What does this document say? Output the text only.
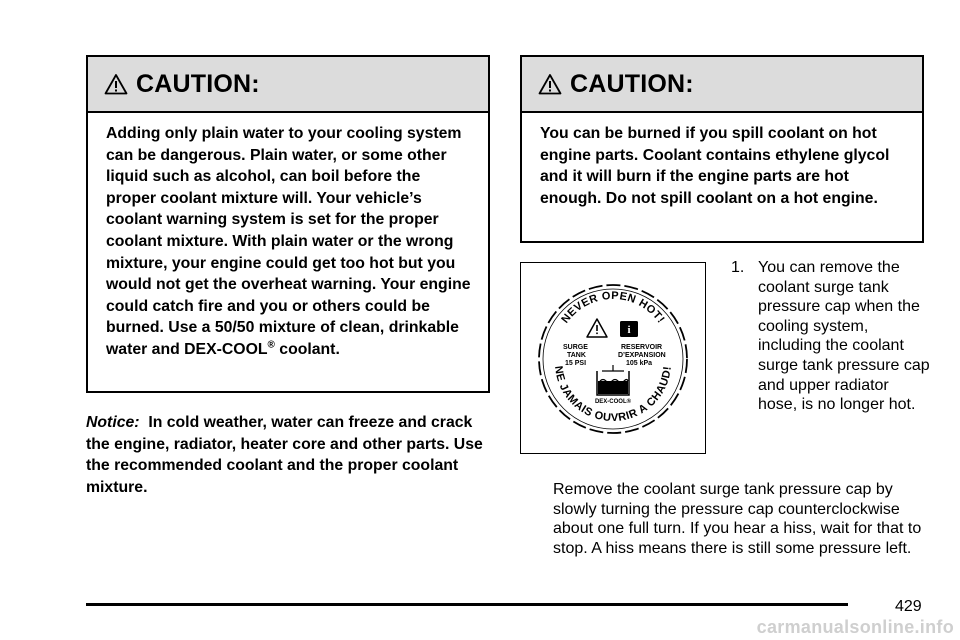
CAUTION:
Adding only plain water to your cooling system can be dangerous. Plain water, or some other liquid such as alcohol, can boil before the proper coolant mixture will. Your vehicle’s coolant warning system is set for the proper coolant mixture. With plain water or the wrong mixture, your engine could get too hot but you would not get the overheat warning. Your engine could catch fire and you or others could be burned. Use a 50/50 mixture of clean, drinkable water and DEX-COOL® coolant.
Notice:  In cold weather, water can freeze and crack the engine, radiator, heater core and other parts. Use the recommended coolant and the proper coolant mixture.
CAUTION:
You can be burned if you spill coolant on hot engine parts. Coolant contains ethylene glycol and it will burn if the engine parts are hot enough. Do not spill coolant on a hot engine.
NEVER OPEN HOT!
NE JAMAIS OUVRIR A CHAUD!
i
SURGE
TANK
15 PSI
RESERVOIR
D’EXPANSION
105 kPa
DEX-COOL®
1. You can remove the coolant surge tank pressure cap when the cooling system, including the coolant surge tank pressure cap and upper radiator hose, is no longer hot.
Remove the coolant surge tank pressure cap by slowly turning the pressure cap counterclockwise about one full turn. If you hear a hiss, wait for that to stop. A hiss means there is still some pressure left.
429
carmanualsonline.info
